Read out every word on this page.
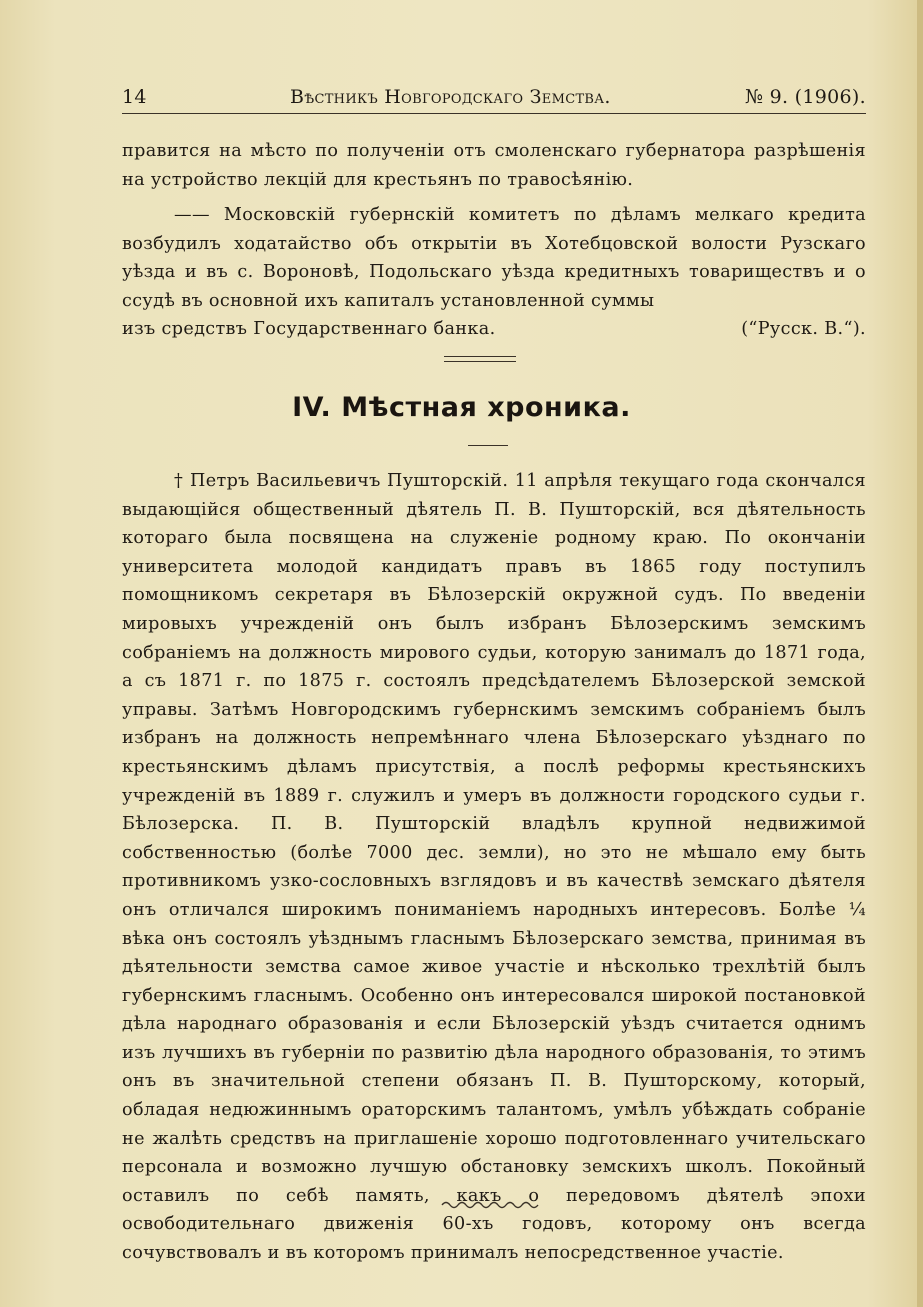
14	Вѣстникъ Новгородскаго Земства.	№ 9. (1906).

правится на мѣсто по полученіи отъ смоленскаго губернатора разрѣшенія на устройство лекцій для крестьянъ по травосѣянію.

—— Московскій губернскій комитетъ по дѣламъ мелкаго кредита возбудилъ ходатайство объ открытіи въ Хотебцовской волости Рузскаго уѣзда и въ с. Вороновѣ, Подольскаго уѣзда кредитныхъ товариществъ и о ссудѣ въ основной ихъ капиталъ установленной суммы

изъ средствъ Государственнаго банка.	(“Русск. В.“).
IV. Мѣстная хроника.

† Петръ Васильевичъ Пушторскій. 11 апрѣля текущаго года скончался выдающійся общественный дѣятель П. В. Пушторскій, вся дѣятельность котораго была посвящена на служеніе родному краю. По окончаніи университета молодой кандидатъ правъ въ 1865 году поступилъ помощникомъ секретаря въ Бѣлозерскій окружной судъ. По введеніи мировыхъ учрежденій онъ былъ избранъ Бѣлозерскимъ земскимъ собраніемъ на должность мирового судьи, которую занималъ до 1871 года, а съ 1871 г. по 1875 г. состоялъ предсѣдателемъ Бѣлозерской земской управы. Затѣмъ Новгородскимъ губернскимъ земскимъ собраніемъ былъ избранъ на должность непремѣннаго члена Бѣлозерскаго уѣзднаго по крестьянскимъ дѣламъ присутствія, а послѣ реформы крестьянскихъ учрежденій въ 1889 г. служилъ и умеръ въ должности городского судьи г. Бѣлозерска. П. В. Пушторскій владѣлъ крупной недвижимой собственностью (болѣе 7000 дес. земли), но это не мѣшало ему быть противникомъ узко-сословныхъ взглядовъ и въ качествѣ земскаго дѣятеля онъ отличался широкимъ пониманіемъ народныхъ интересовъ. Болѣе ¼ вѣка онъ состоялъ уѣзднымъ гласнымъ Бѣлозерскаго земства, принимая въ дѣятельности земства самое живое участіе и нѣсколько трехлѣтій былъ губернскимъ гласнымъ. Особенно онъ интересовался широкой постановкой дѣла народнаго образованія и если Бѣлозерскій уѣздъ считается однимъ изъ лучшихъ въ губерніи по развитію дѣла народного образованія, то этимъ онъ въ значительной степени обязанъ П. В. Пушторскому, который, обладая недюжиннымъ ораторскимъ талантомъ, умѣлъ убѣждать собраніе не жалѣть средствъ на приглашеніе хорошо подготовленнаго учительскаго персонала и возможно лучшую обстановку земскихъ школъ. Покойный оставилъ по себѣ память, какъ о передовомъ дѣятелѣ эпохи освободительнаго движенія 60-хъ годовъ, которому онъ всегда сочувствовалъ и въ которомъ принималъ непосредственное участіе.
